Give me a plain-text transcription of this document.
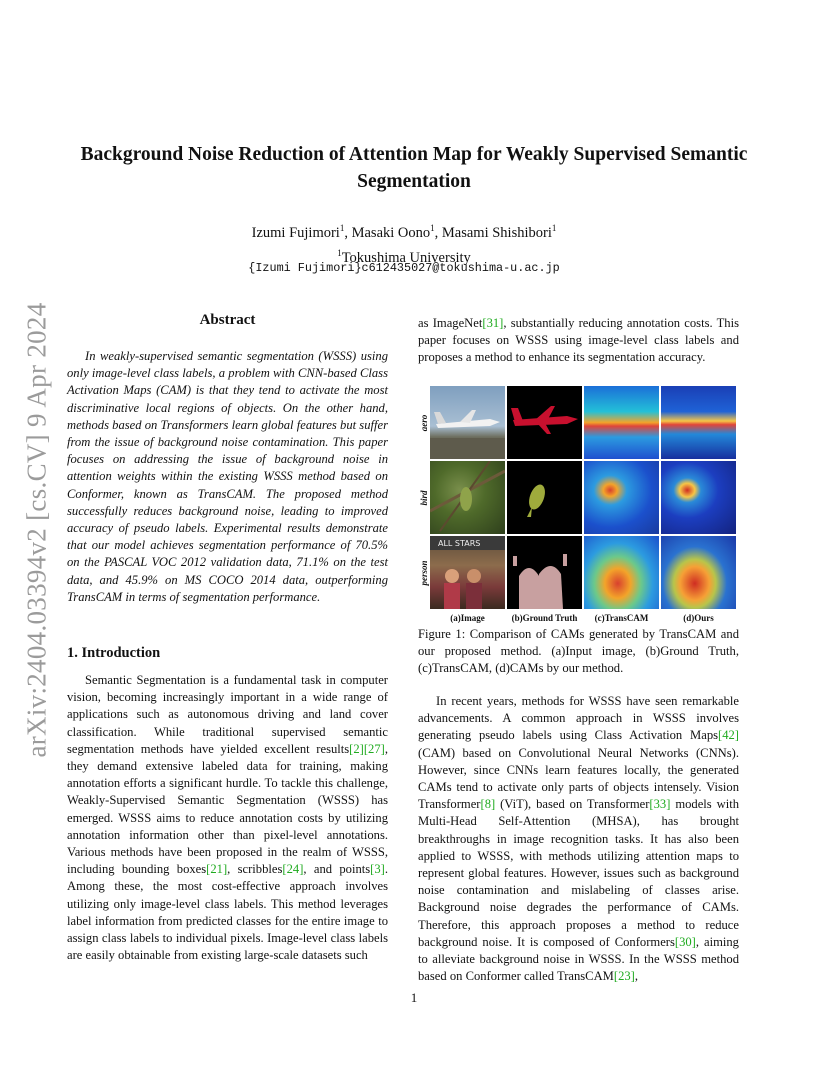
arXiv:2404.03394v2 [cs.CV] 9 Apr 2024
Background Noise Reduction of Attention Map for Weakly Supervised Semantic
Segmentation
Izumi Fujimori$^1$, Masaki Oono$^1$, Masami Shishibori$^1$
$^1$Tokushima University
{Izumi Fujimori}c612435027@tokushima-u.ac.jp
Abstract

In weakly-supervised semantic segmentation (WSSS) using only image-level class labels, a problem with CNN-based Class Activation Maps (CAM) is that they tend to activate the most discriminative local regions of objects. On the other hand, methods based on Transformers learn global features but suffer from the issue of background noise contamination. This paper focuses on addressing the issue of background noise in attention weights within the existing WSSS method based on Conformer, known as TransCAM. The proposed method successfully reduces background noise, leading to improved accuracy of pseudo labels. Experimental results demonstrate that our model achieves segmentation performance of 70.5% on the PASCAL VOC 2012 validation data, 71.1% on the test data, and 45.9% on MS COCO 2014 data, outperforming TransCAM in terms of segmentation performance.

1. Introduction

Semantic Segmentation is a fundamental task in computer vision, becoming increasingly important in a wide range of applications such as autonomous driving and land cover classification. While traditional supervised semantic segmentation methods have yielded excellent results[2][27], they demand extensive labeled data for training, making annotation efforts a significant hurdle. To tackle this challenge, Weakly-Supervised Semantic Segmentation (WSSS) has emerged. WSSS aims to reduce annotation costs by utilizing annotation information other than pixel-level annotations. Various methods have been proposed in the realm of WSSS, including bounding boxes[21], scribbles[24], and points[3]. Among these, the most cost-effective approach involves utilizing only image-level class labels. This method leverages label information from predicted classes for the entire image to assign class labels to individual pixels. Image-level class labels are easily obtainable from existing large-scale datasets such

as ImageNet[31], substantially reducing annotation costs. This paper focuses on WSSS using image-level class labels and proposes a method to enhance its segmentation accuracy.

aero
bird
person
ALL STARS
(a)Image	(b)Ground Truth	(c)TransCAM	(d)Ours

Figure 1: Comparison of CAMs generated by TransCAM and our proposed method. (a)Input image, (b)Ground Truth, (c)TransCAM, (d)CAMs by our method.

In recent years, methods for WSSS have seen remarkable advancements. A common approach in WSSS involves generating pseudo labels using Class Activation Maps[42] (CAM) based on Convolutional Neural Networks (CNNs). However, since CNNs learn features locally, the generated CAMs tend to activate only parts of objects intensely. Vision Transformer[8] (ViT), based on Transformer[33] models with Multi-Head Self-Attention (MHSA), has brought breakthroughs in image recognition tasks. It has also been applied to WSSS, with methods utilizing attention maps to represent global features. However, issues such as background noise contamination and mislabeling of classes arise. Background noise degrades the performance of CAMs. Therefore, this approach proposes a method to reduce background noise. It is composed of Conformers[30], aiming to alleviate background noise in WSSS. In the WSSS method based on Conformer called TransCAM[23],

1
